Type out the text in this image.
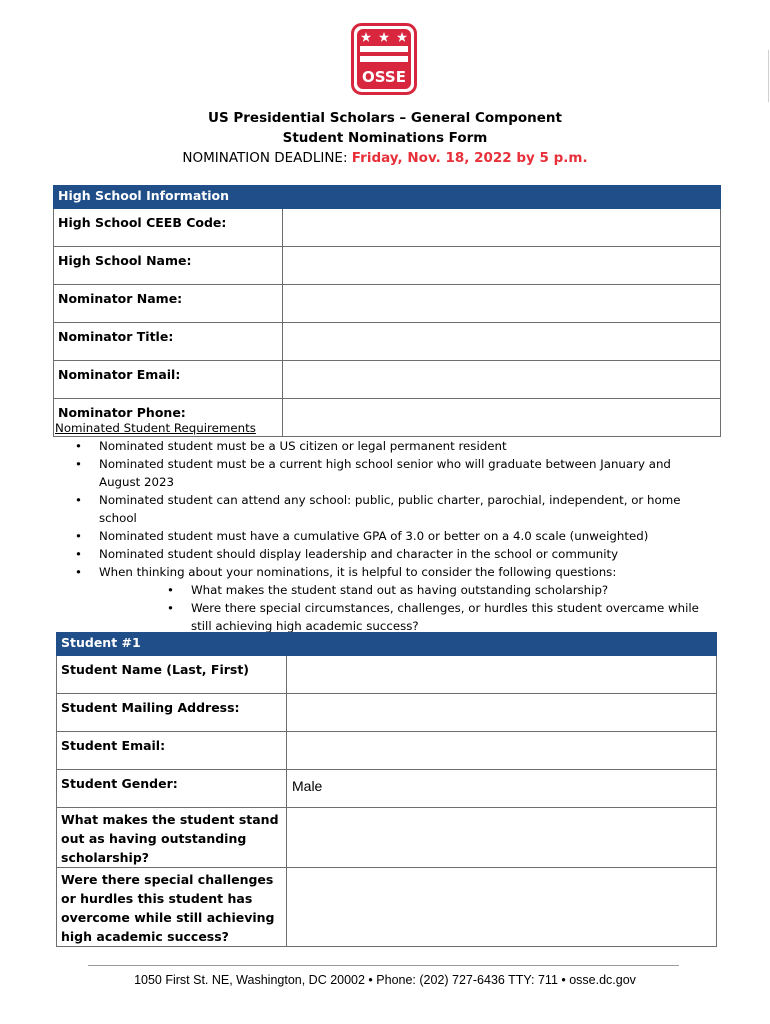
OSSE
US Presidential Scholars – General Component
Student Nominations Form
NOMINATION DEADLINE: Friday, Nov. 18, 2022 by 5 p.m.
High School Information	
High School CEEB Code:	
High School Name:	
Nominator Name:	
Nominator Title:	
Nominator Email:	
Nominator Phone:	
Nominated Student Requirements
• Nominated student must be a US citizen or legal permanent resident
• Nominated student must be a current high school senior who will graduate between January and August 2023
• Nominated student can attend any school: public, public charter, parochial, independent, or home school
• Nominated student must have a cumulative GPA of 3.0 or better on a 4.0 scale (unweighted)
• Nominated student should display leadership and character in the school or community
• When thinking about your nominations, it is helpful to consider the following questions:
• What makes the student stand out as having outstanding scholarship?
• Were there special circumstances, challenges, or hurdles this student overcame while still achieving high academic success?
Student #1	
Student Name (Last, First)	
Student Mailing Address:	
Student Email:	
Student Gender:	Male

What makes the student stand out as having outstanding scholarship?	
Were there special challenges or hurdles this student has overcome while still achieving high academic success?	
1050 First St. NE, Washington, DC 20002 • Phone: (202) 727-6436 TTY: 711 • osse.dc.gov
